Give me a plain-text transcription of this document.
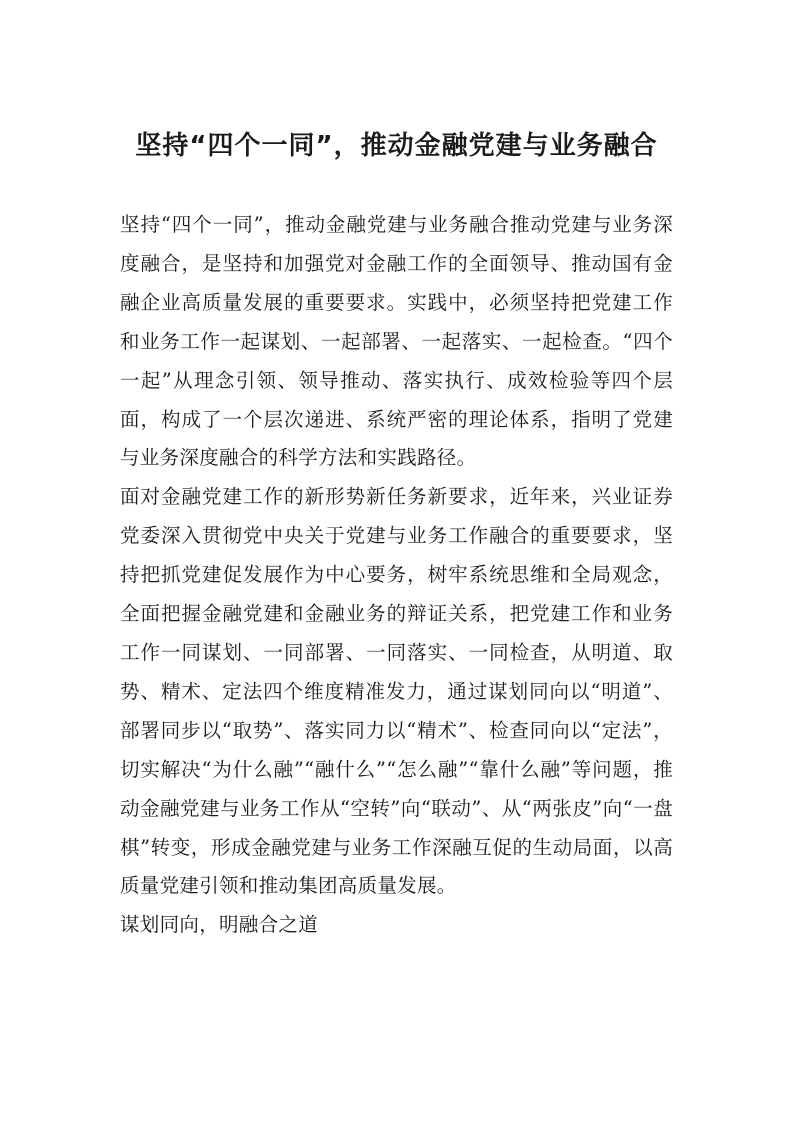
坚持“四个一同”，推动金融党建与业务融合

坚持“四个一同”，推动金融党建与业务融合推动党建与业务深度融合，是坚持和加强党对金融工作的全面领导、推动国有金融企业高质量发展的重要要求。实践中，必须坚持把党建工作和业务工作一起谋划、一起部署、一起落实、一起检查。“四个一起”从理念引领、领导推动、落实执行、成效检验等四个层面，构成了一个层次递进、系统严密的理论体系，指明了党建与业务深度融合的科学方法和实践路径。

面对金融党建工作的新形势新任务新要求，近年来，兴业证券党委深入贯彻党中央关于党建与业务工作融合的重要要求，坚持把抓党建促发展作为中心要务，树牢系统思维和全局观念，全面把握金融党建和金融业务的辩证关系，把党建工作和业务工作一同谋划、一同部署、一同落实、一同检查，从明道、取势、精术、定法四个维度精准发力，通过谋划同向以“明道”、部署同步以“取势”、落实同力以“精术”、检查同向以“定法”，切实解决“为什么融”“融什么”“怎么融”“靠什么融”等问题，推动金融党建与业务工作从“空转”向“联动”、从“两张皮”向“一盘棋”转变，形成金融党建与业务工作深融互促的生动局面，以高质量党建引领和推动集团高质量发展。

谋划同向，明融合之道
